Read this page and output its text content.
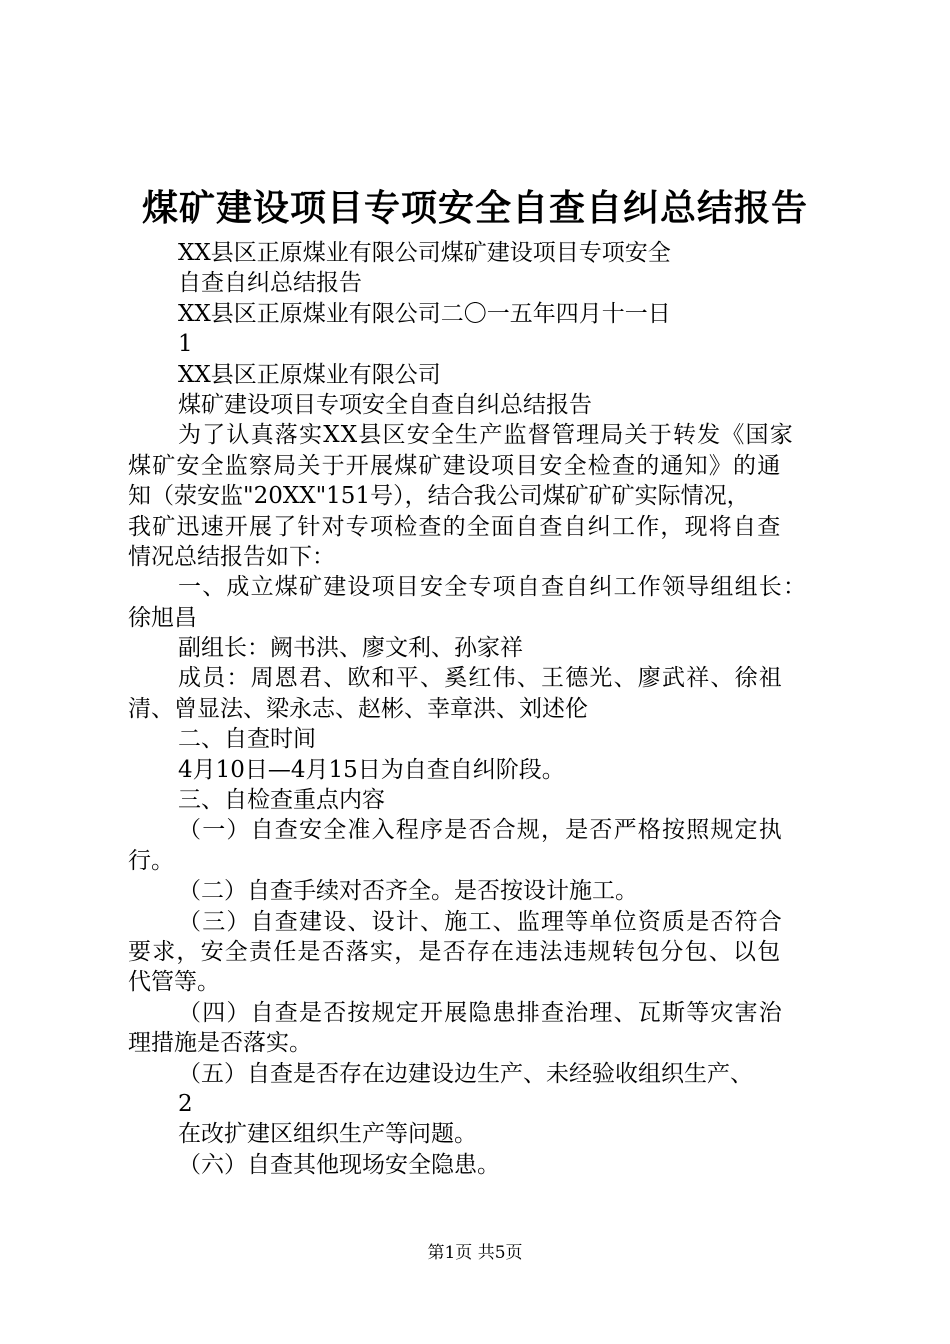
煤矿建设项目专项安全自查自纠总结报告
XX县区正原煤业有限公司煤矿建设项目专项安全
自查自纠总结报告
XX县区正原煤业有限公司二〇一五年四月十一日
1
XX县区正原煤业有限公司
煤矿建设项目专项安全自查自纠总结报告
为了认真落实XX县区安全生产监督管理局关于转发《国家
煤矿安全监察局关于开展煤矿建设项目安全检查的通知》的通
知（荥安监"20XX"151号），结合我公司煤矿矿矿实际情况，
我矿迅速开展了针对专项检查的全面自查自纠工作，现将自查
情况总结报告如下：
一、成立煤矿建设项目安全专项自查自纠工作领导组组长：
徐旭昌
副组长：阙书洪、廖文利、孙家祥
成员：周恩君、欧和平、奚红伟、王德光、廖武祥、徐祖
清、曾显法、梁永志、赵彬、幸章洪、刘述伦
二、自查时间
4月10日—4月15日为自查自纠阶段。
三、自检查重点内容
（一）自查安全准入程序是否合规，是否严格按照规定执
行。
（二）自查手续对否齐全。是否按设计施工。
（三）自查建设、设计、施工、监理等单位资质是否符合
要求，安全责任是否落实，是否存在违法违规转包分包、以包
代管等。
（四）自查是否按规定开展隐患排查治理、瓦斯等灾害治
理措施是否落实。
（五）自查是否存在边建设边生产、未经验收组织生产、
2
在改扩建区组织生产等问题。
（六）自查其他现场安全隐患。
第1页 共5页
